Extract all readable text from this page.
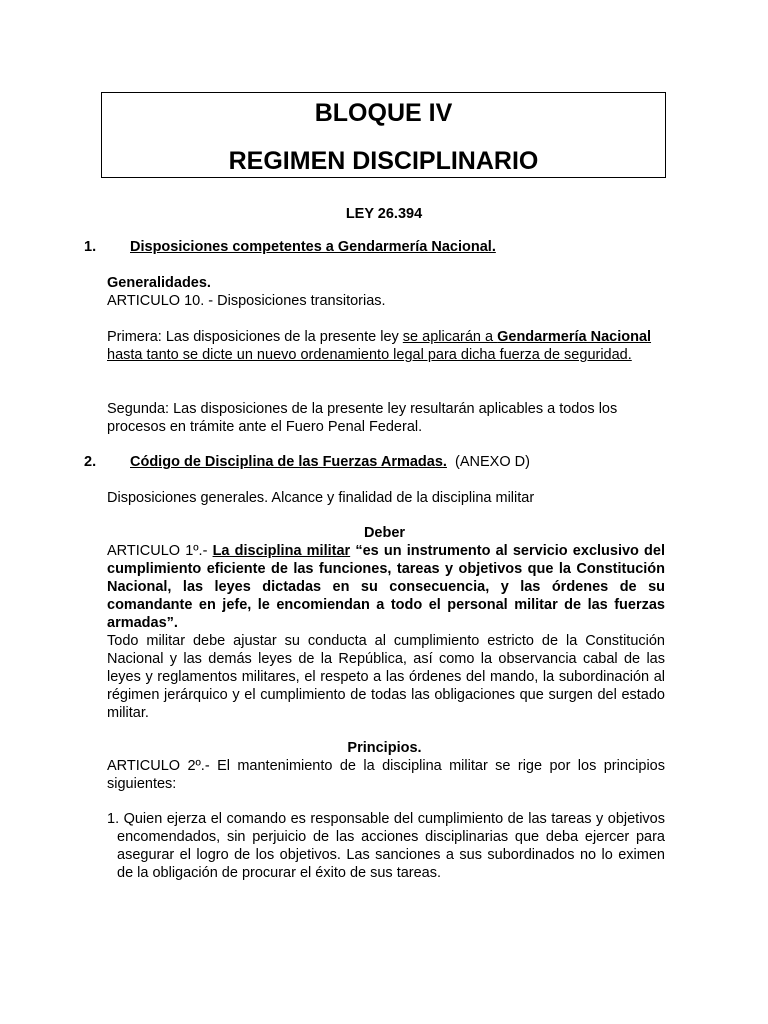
BLOQUE IV
REGIMEN DISCIPLINARIO
LEY 26.394
1. Disposiciones competentes a Gendarmería Nacional.
Generalidades.
ARTICULO 10. - Disposiciones transitorias.
Primera: Las disposiciones de la presente ley se aplicarán a Gendarmería Nacional hasta tanto se dicte un nuevo ordenamiento legal para dicha fuerza de seguridad.
Segunda: Las disposiciones de la presente ley resultarán aplicables a todos los procesos en trámite ante el Fuero Penal Federal.
2. Código de Disciplina de las Fuerzas Armadas. (ANEXO D)
Disposiciones generales. Alcance y finalidad de la disciplina militar
Deber
ARTICULO 1º.- La disciplina militar “es un instrumento al servicio exclusivo del cumplimiento eficiente de las funciones, tareas y objetivos que la Constitución Nacional, las leyes dictadas en su consecuencia, y las órdenes de su comandante en jefe, le encomiendan a todo el personal militar de las fuerzas armadas”.
Todo militar debe ajustar su conducta al cumplimiento estricto de la Constitución Nacional y las demás leyes de la República, así como la observancia cabal de las leyes y reglamentos militares, el respeto a las órdenes del mando, la subordinación al régimen jerárquico y el cumplimiento de todas las obligaciones que surgen del estado militar.
Principios.
ARTICULO 2º.- El mantenimiento de la disciplina militar se rige por los principios siguientes:
1. Quien ejerza el comando es responsable del cumplimiento de las tareas y objetivos encomendados, sin perjuicio de las acciones disciplinarias que deba ejercer para asegurar el logro de los objetivos. Las sanciones a sus subordinados no lo eximen de la obligación de procurar el éxito de sus tareas.
